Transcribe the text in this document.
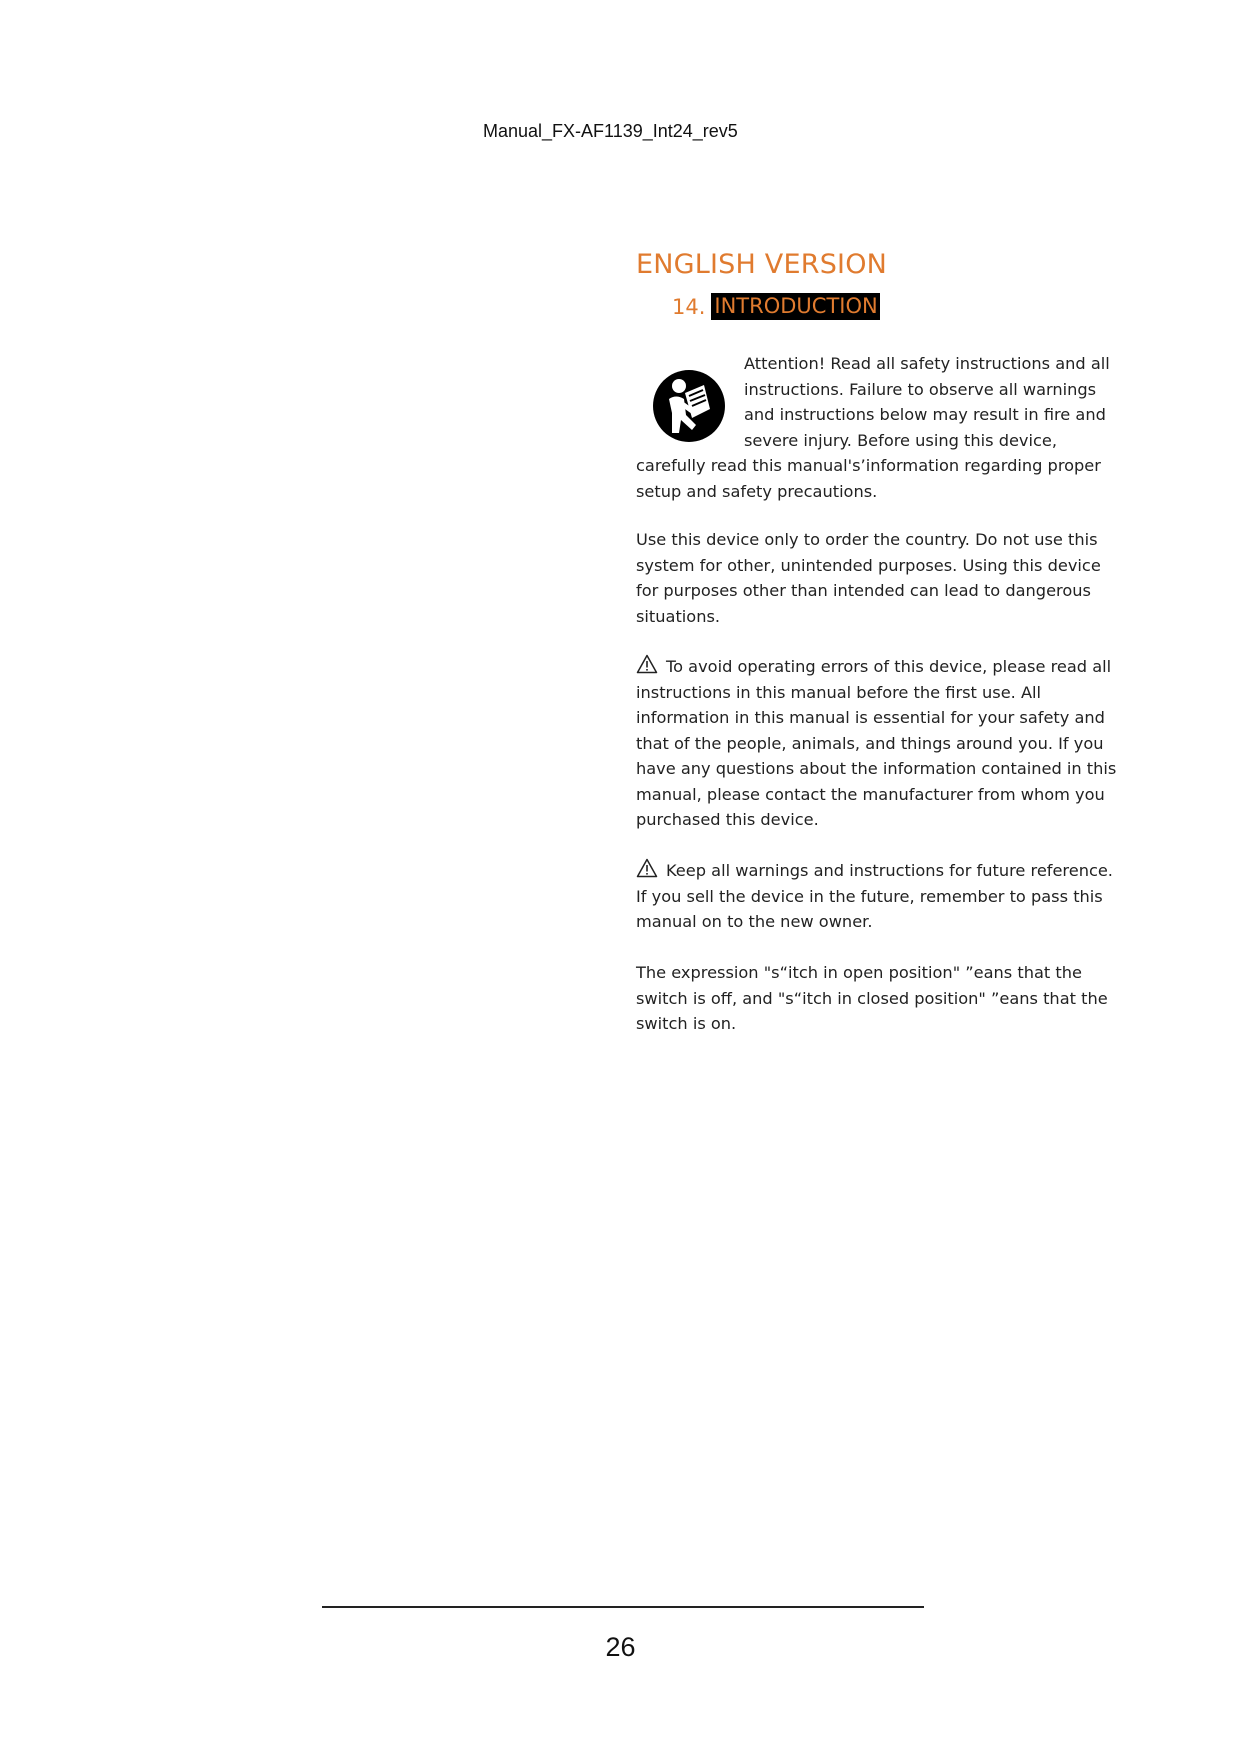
Manual_FX-AF1139_Int24_rev5
ENGLISH VERSION
14. INTRODUCTION

Attention! Read all safety instructions and all instructions. Failure to observe all warnings and instructions below may result in fire and severe injury. Before using this device, carefully read this manual's’information regarding proper setup and safety precautions.

Use this device only to order the country. Do not use this system for other, unintended purposes. Using this device for purposes other than intended can lead to dangerous situations.

To avoid operating errors of this device, please read all instructions in this manual before the first use. All information in this manual is essential for your safety and that of the people, animals, and things around you. If you have any questions about the information contained in this manual, please contact the manufacturer from whom you purchased this device.

Keep all warnings and instructions for future reference. If you sell the device in the future, remember to pass this manual on to the new owner.

The expression "s“itch in open position" ”eans that the switch is off, and "s“itch in closed position" ”eans that the switch is on.

26
